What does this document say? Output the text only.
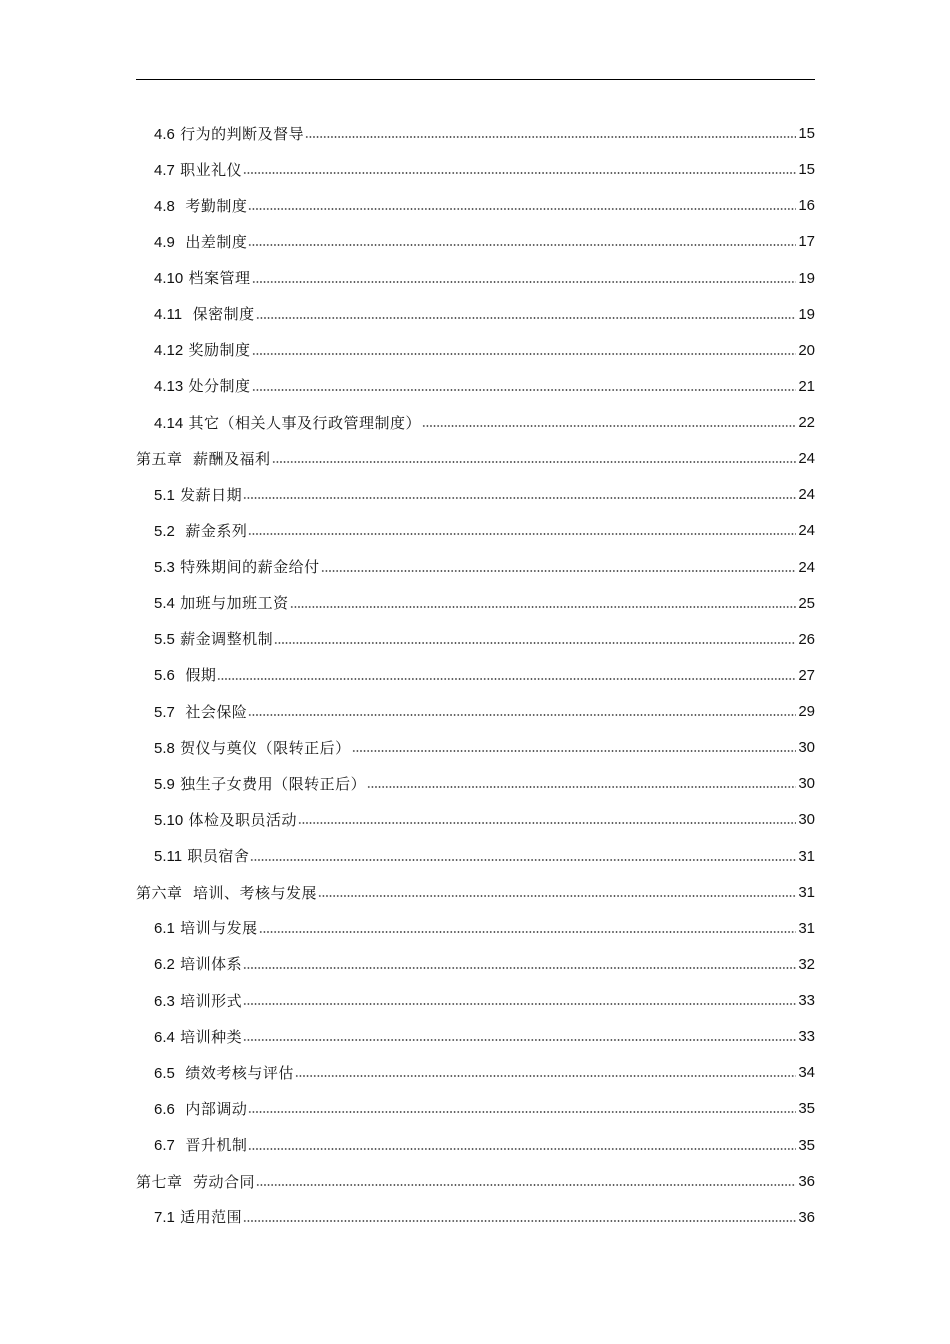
4.6 行为的判断及督导	15
4.7 职业礼仪	15
4.8  考勤制度	16
4.9  出差制度	17
4.10 档案管理	19
4.11  保密制度	19
4.12 奖励制度	20
4.13 处分制度	21
4.14 其它（相关人事及行政管理制度）	22
第五章  薪酬及福利	24
5.1 发薪日期	24
5.2  薪金系列	24
5.3 特殊期间的薪金给付	24
5.4 加班与加班工资	25
5.5 薪金调整机制	26
5.6  假期	27
5.7  社会保险	29
5.8 贺仪与奠仪（限转正后）	30
5.9 独生子女费用（限转正后）	30
5.10 体检及职员活动	30
5.11 职员宿舍	31
第六章  培训、考核与发展	31
6.1 培训与发展	31
6.2 培训体系	32
6.3 培训形式	33
6.4 培训种类	33
6.5  绩效考核与评估	34
6.6  内部调动	35
6.7  晋升机制	35
第七章  劳动合同	36
7.1 适用范围	36
